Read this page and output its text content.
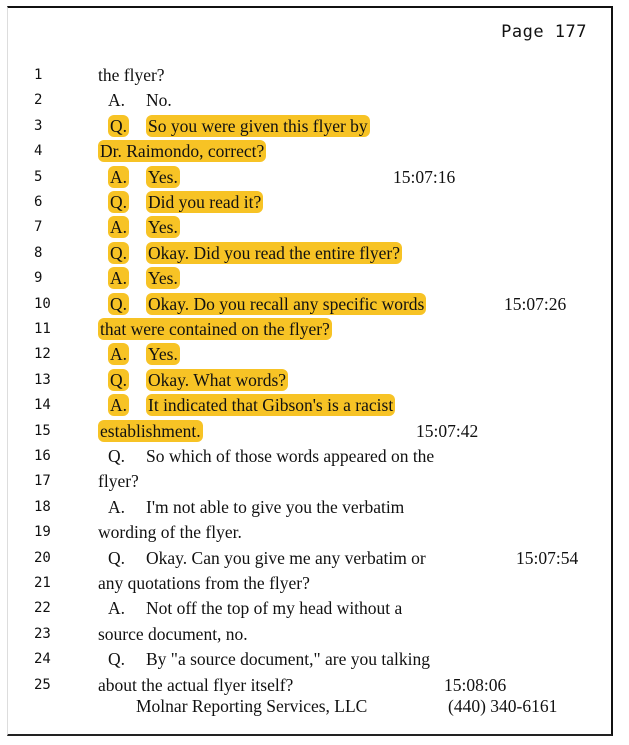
Page 177
1	the flyer?
2	A. No.
3	Q. So you were given this flyer by
4	Dr. Raimondo, correct?
5	A. Yes.	15:07:16
6	Q. Did you read it?
7	A. Yes.
8	Q. Okay. Did you read the entire flyer?
9	A. Yes.
10	Q. Okay. Do you recall any specific words	15:07:26
11	that were contained on the flyer?
12	A. Yes.
13	Q. Okay. What words?
14	A. It indicated that Gibson's is a racist
15	establishment.	15:07:42
16	Q. So which of those words appeared on the
17	flyer?
18	A. I'm not able to give you the verbatim
19	wording of the flyer.
20	Q. Okay. Can you give me any verbatim or	15:07:54
21	any quotations from the flyer?
22	A. Not off the top of my head without a
23	source document, no.
24	Q. By "a source document," are you talking
25	about the actual flyer itself?	15:08:06
Molnar Reporting Services, LLC	(440) 340-6161
